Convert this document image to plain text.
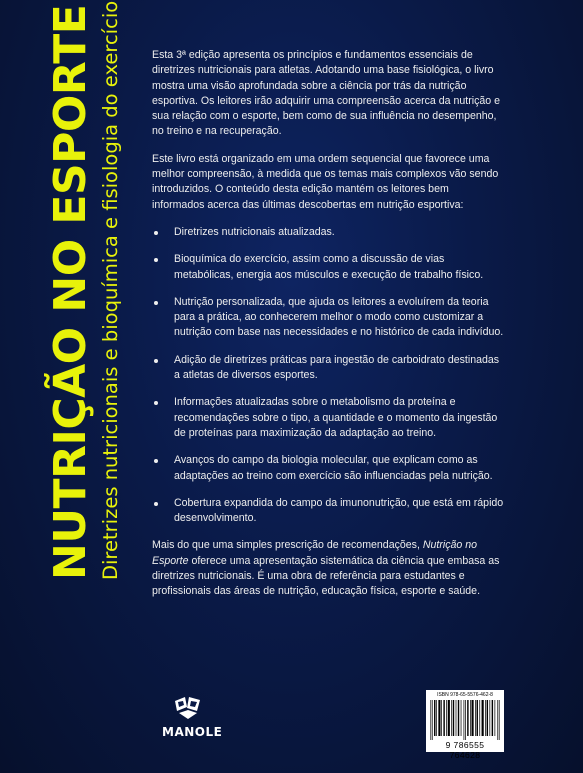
NUTRIÇÃO NO ESPORTE Diretrizes nutricionais e bioquímica e fisiologia do exercício	Esta 3ª edição apresenta os princípios e fundamentos essenciais de diretrizes nutricionais para atletas. Adotando uma base fisiológica, o livro mostra uma visão aprofundada sobre a ciência por trás da nutrição esportiva. Os leitores irão adquirir uma compreensão acerca da nutrição e sua relação com o esporte, bem como de sua influência no desempenho, no treino e na recuperação.

Este livro está organizado em uma ordem sequencial que favorece uma melhor compreensão, à medida que os temas mais complexos vão sendo introduzidos. O conteúdo desta edição mantém os leitores bem informados acerca das últimas descobertas em nutrição esportiva:

Diretrizes nutricionais atualizadas.
Bioquímica do exercício, assim como a discussão de vias metabólicas, energia aos músculos e execução de trabalho físico.
Nutrição personalizada, que ajuda os leitores a evoluírem da teoria para a prática, ao conhecerem melhor o modo como customizar a nutrição com base nas necessidades e no histórico de cada indivíduo.
Adição de diretrizes práticas para ingestão de carboidrato destinadas a atletas de diversos esportes.
Informações atualizadas sobre o metabolismo da proteína e recomendações sobre o tipo, a quantidade e o momento da ingestão de proteínas para maximização da adaptação ao treino.
Avanços do campo da biologia molecular, que explicam como as adaptações ao treino com exercício são influenciadas pela nutrição.
Cobertura expandida do campo da imunonutrição, que está em rápido desenvolvimento.

Mais do que uma simples prescrição de recomendações, Nutrição no Esporte oferece uma apresentação sistemática da ciência que embasa as diretrizes nutricionais. É uma obra de referência para estudantes e profissionais das áreas de nutrição, educação física, esporte e saúde.

MANOLE
ISBN 978-65-5576-462-8
9 786555 764628
